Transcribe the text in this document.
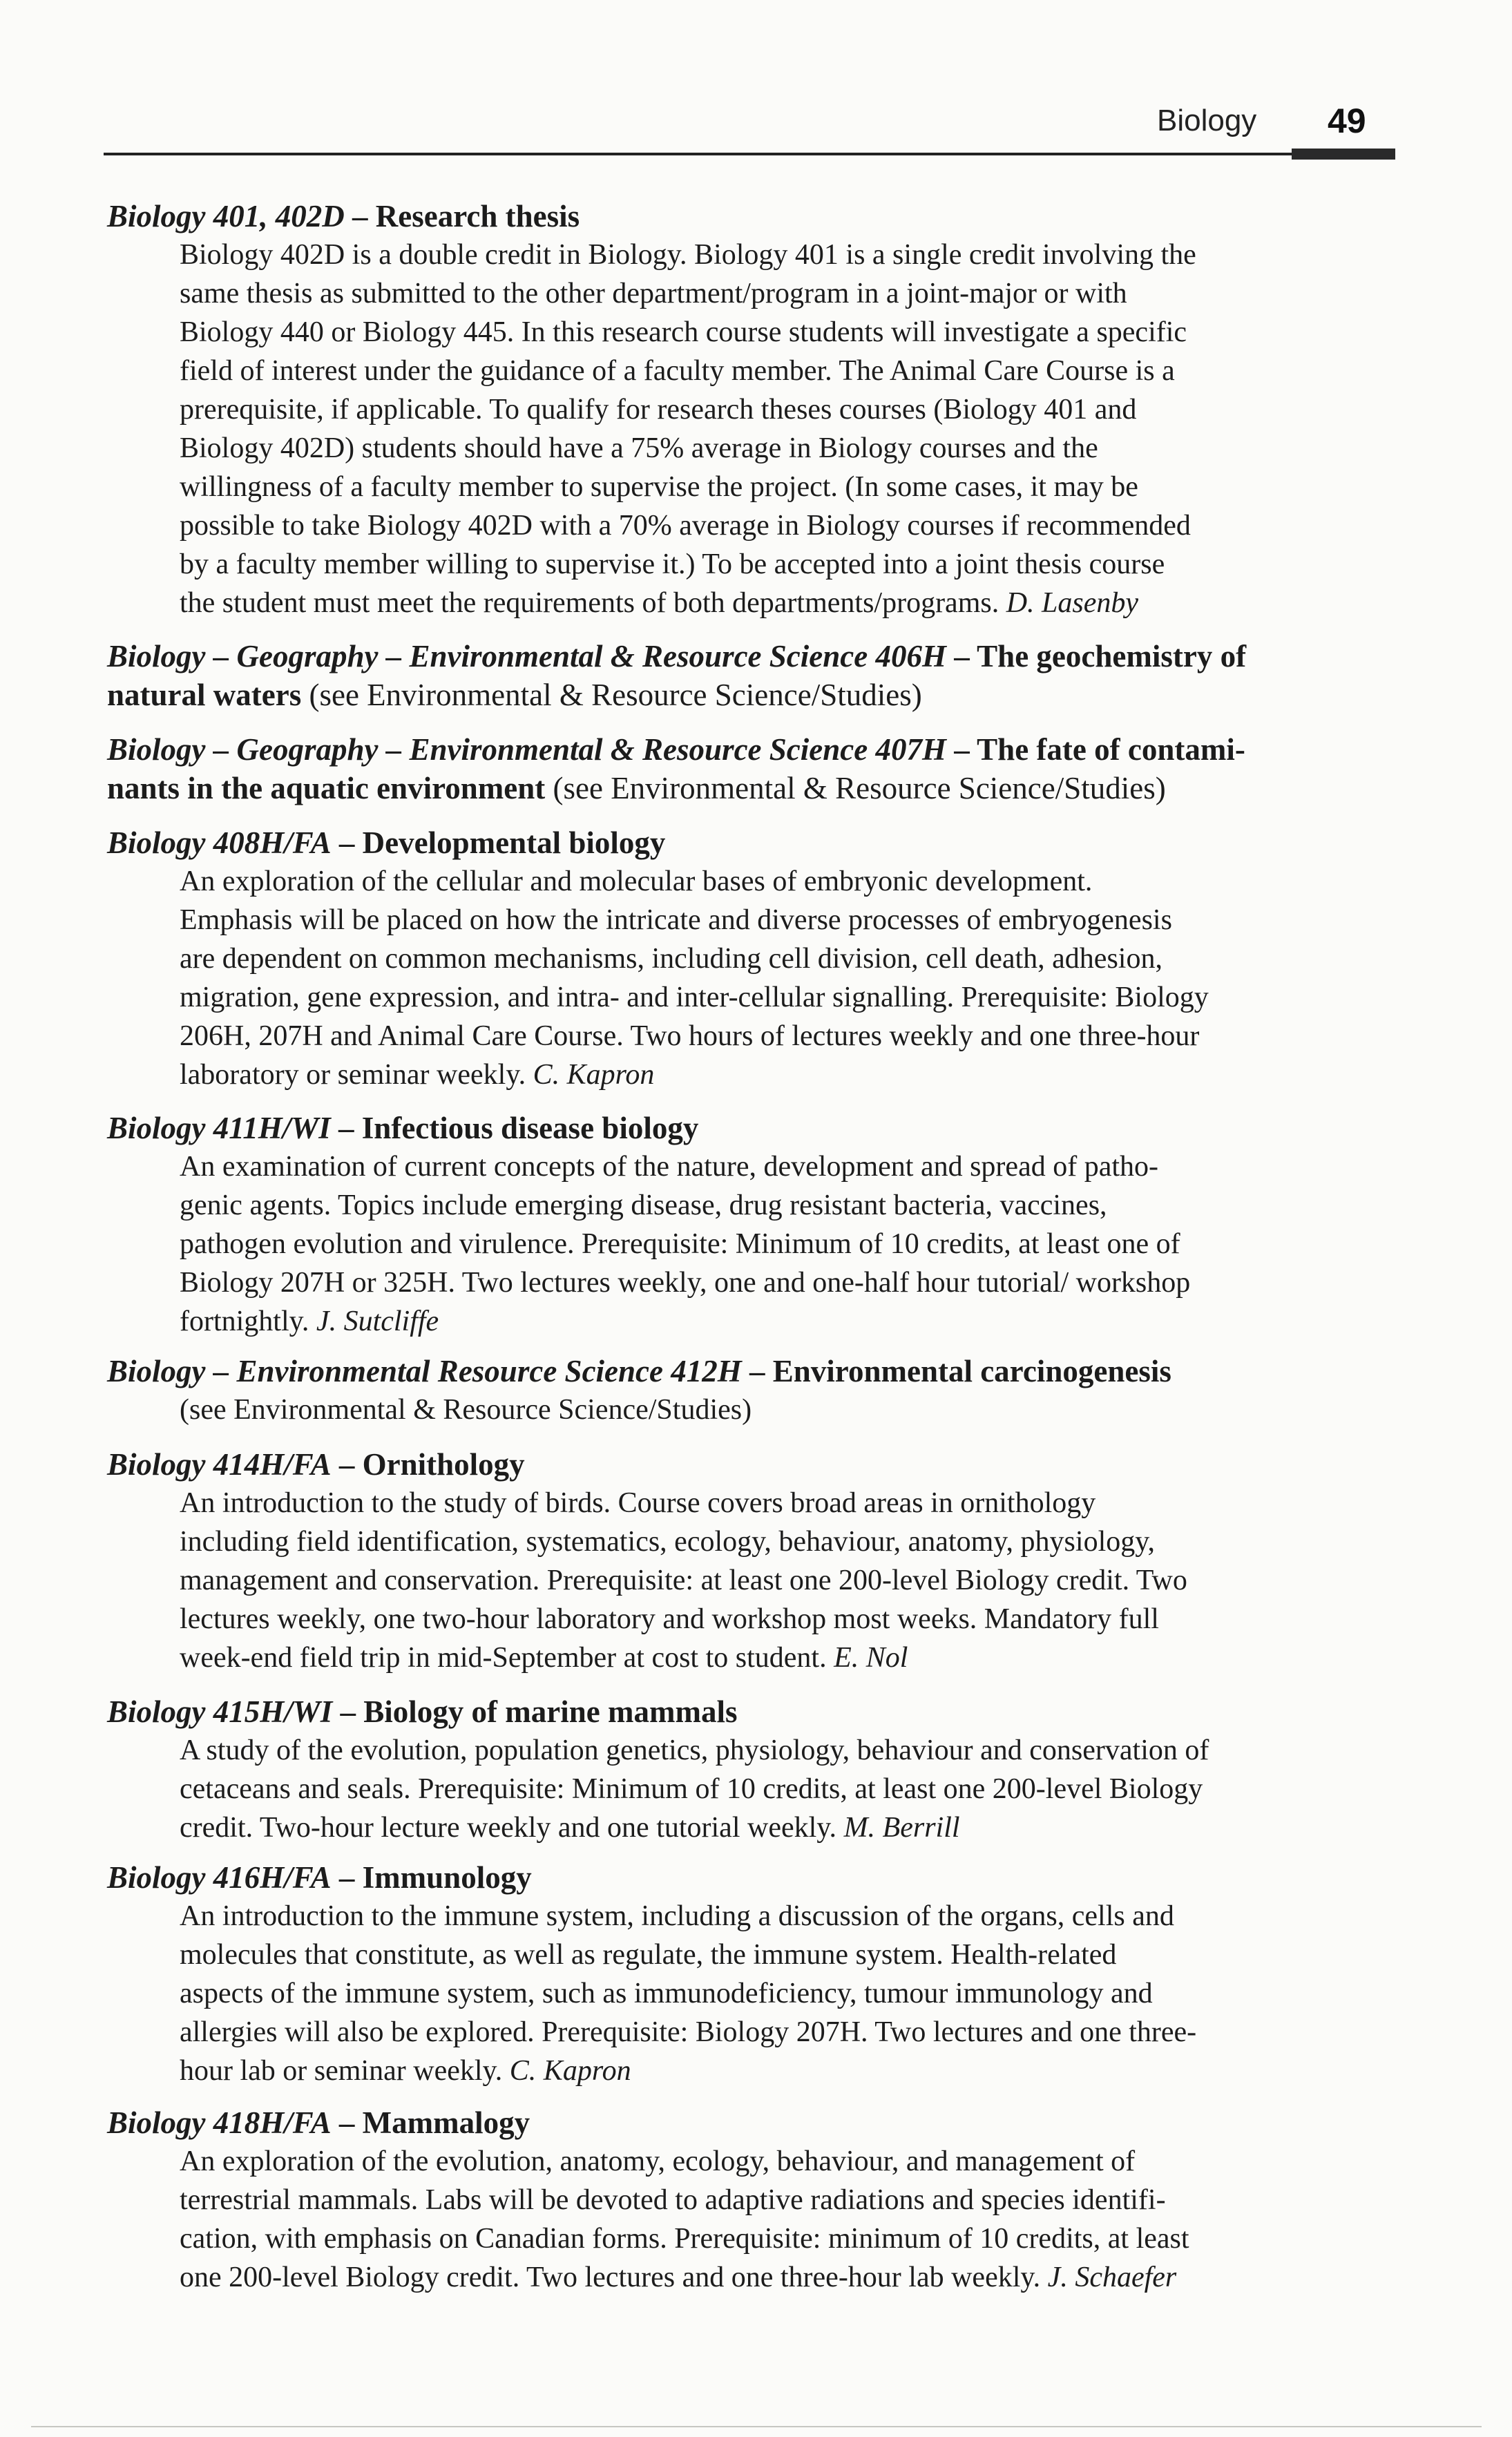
Biology 49
Biology 401, 402D – Research thesis
Biology 402D is a double credit in Biology. Biology 401 is a single credit involving the
same thesis as submitted to the other department/program in a joint-major or with
Biology 440 or Biology 445. In this research course students will investigate a specific
field of interest under the guidance of a faculty member. The Animal Care Course is a
prerequisite, if applicable. To qualify for research theses courses (Biology 401 and
Biology 402D) students should have a 75% average in Biology courses and the
willingness of a faculty member to supervise the project. (In some cases, it may be
possible to take Biology 402D with a 70% average in Biology courses if recommended
by a faculty member willing to supervise it.) To be accepted into a joint thesis course
the student must meet the requirements of both departments/programs. D. Lasenby
Biology – Geography – Environmental & Resource Science 406H – The geochemistry of
natural waters (see Environmental & Resource Science/Studies)
Biology – Geography – Environmental & Resource Science 407H – The fate of contami-
nants in the aquatic environment (see Environmental & Resource Science/Studies)
Biology 408H/FA – Developmental biology
An exploration of the cellular and molecular bases of embryonic development.
Emphasis will be placed on how the intricate and diverse processes of embryogenesis
are dependent on common mechanisms, including cell division, cell death, adhesion,
migration, gene expression, and intra- and inter-cellular signalling. Prerequisite: Biology
206H, 207H and Animal Care Course. Two hours of lectures weekly and one three-hour
laboratory or seminar weekly. C. Kapron
Biology 411H/WI – Infectious disease biology
An examination of current concepts of the nature, development and spread of patho-
genic agents. Topics include emerging disease, drug resistant bacteria, vaccines,
pathogen evolution and virulence. Prerequisite: Minimum of 10 credits, at least one of
Biology 207H or 325H. Two lectures weekly, one and one-half hour tutorial/ workshop
fortnightly. J. Sutcliffe
Biology – Environmental Resource Science 412H – Environmental carcinogenesis
(see Environmental & Resource Science/Studies)
Biology 414H/FA – Ornithology
An introduction to the study of birds. Course covers broad areas in ornithology
including field identification, systematics, ecology, behaviour, anatomy, physiology,
management and conservation. Prerequisite: at least one 200-level Biology credit. Two
lectures weekly, one two-hour laboratory and workshop most weeks. Mandatory full
week-end field trip in mid-September at cost to student. E. Nol
Biology 415H/WI – Biology of marine mammals
A study of the evolution, population genetics, physiology, behaviour and conservation of
cetaceans and seals. Prerequisite: Minimum of 10 credits, at least one 200-level Biology
credit. Two-hour lecture weekly and one tutorial weekly. M. Berrill
Biology 416H/FA – Immunology
An introduction to the immune system, including a discussion of the organs, cells and
molecules that constitute, as well as regulate, the immune system. Health-related
aspects of the immune system, such as immunodeficiency, tumour immunology and
allergies will also be explored. Prerequisite: Biology 207H. Two lectures and one three-
hour lab or seminar weekly. C. Kapron
Biology 418H/FA – Mammalogy
An exploration of the evolution, anatomy, ecology, behaviour, and management of
terrestrial mammals. Labs will be devoted to adaptive radiations and species identifi-
cation, with emphasis on Canadian forms. Prerequisite: minimum of 10 credits, at least
one 200-level Biology credit. Two lectures and one three-hour lab weekly. J. Schaefer
